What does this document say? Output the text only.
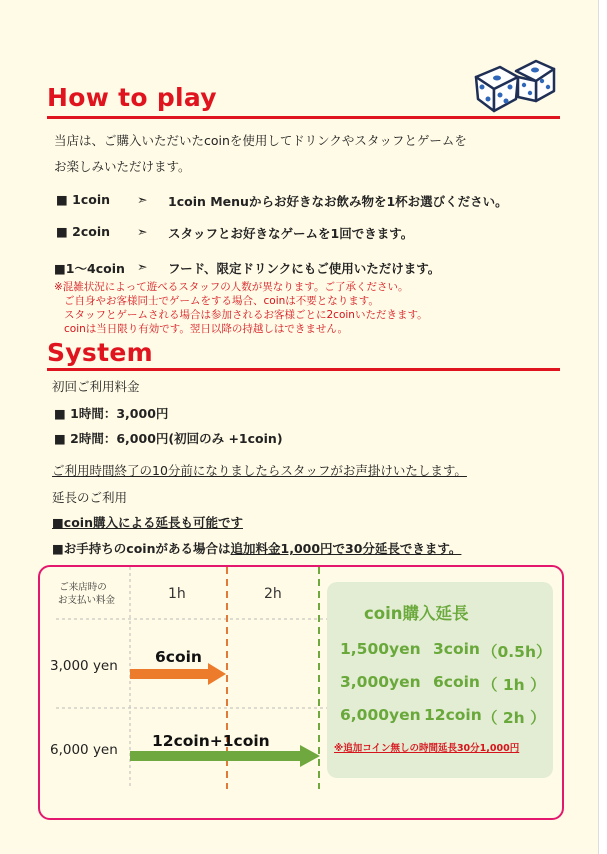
How to play
当店は、ご購入いただいたcoinを使用してドリンクやスタッフとゲームを
お楽しみいただけます。
■ 1coin ➣ 1coin Menuからお好きなお飲み物を1杯お選びください。
■ 2coin ➣ スタッフとお好きなゲームを1回できます。
■1～4coin ➣ フード、限定ドリンクにもご使用いただけます。
※混雑状況によって遊べるスタッフの人数が異なります。ご了承ください。
ご自身やお客様同士でゲームをする場合、coinは不要となります。
スタッフとゲームされる場合は参加されるお客様ごとに2coinいただきます。
coinは当日限り有効です。翌日以降の持越しはできません。
System
初回ご利用料金
■ 1時間：3,000円
■ 2時間：6,000円(初回のみ +1coin)
ご利用時間終了の10分前になりましたらスタッフがお声掛けいたします。
延長のご利用
■coin購入による延長も可能です
■お手持ちのcoinがある場合は追加料金1,000円で30分延長できます。
ご来店時の
お支払い料金	1h	2h
3,000 yen 6coin
6,000 yen 12coin+1coin
coin購入延長
1,500yen 3coin （0.5h）
3,000yen 6coin （ 1h ）
6,000yen 12coin （ 2h ）
※追加コイン無しの時間延長30分1,000円
